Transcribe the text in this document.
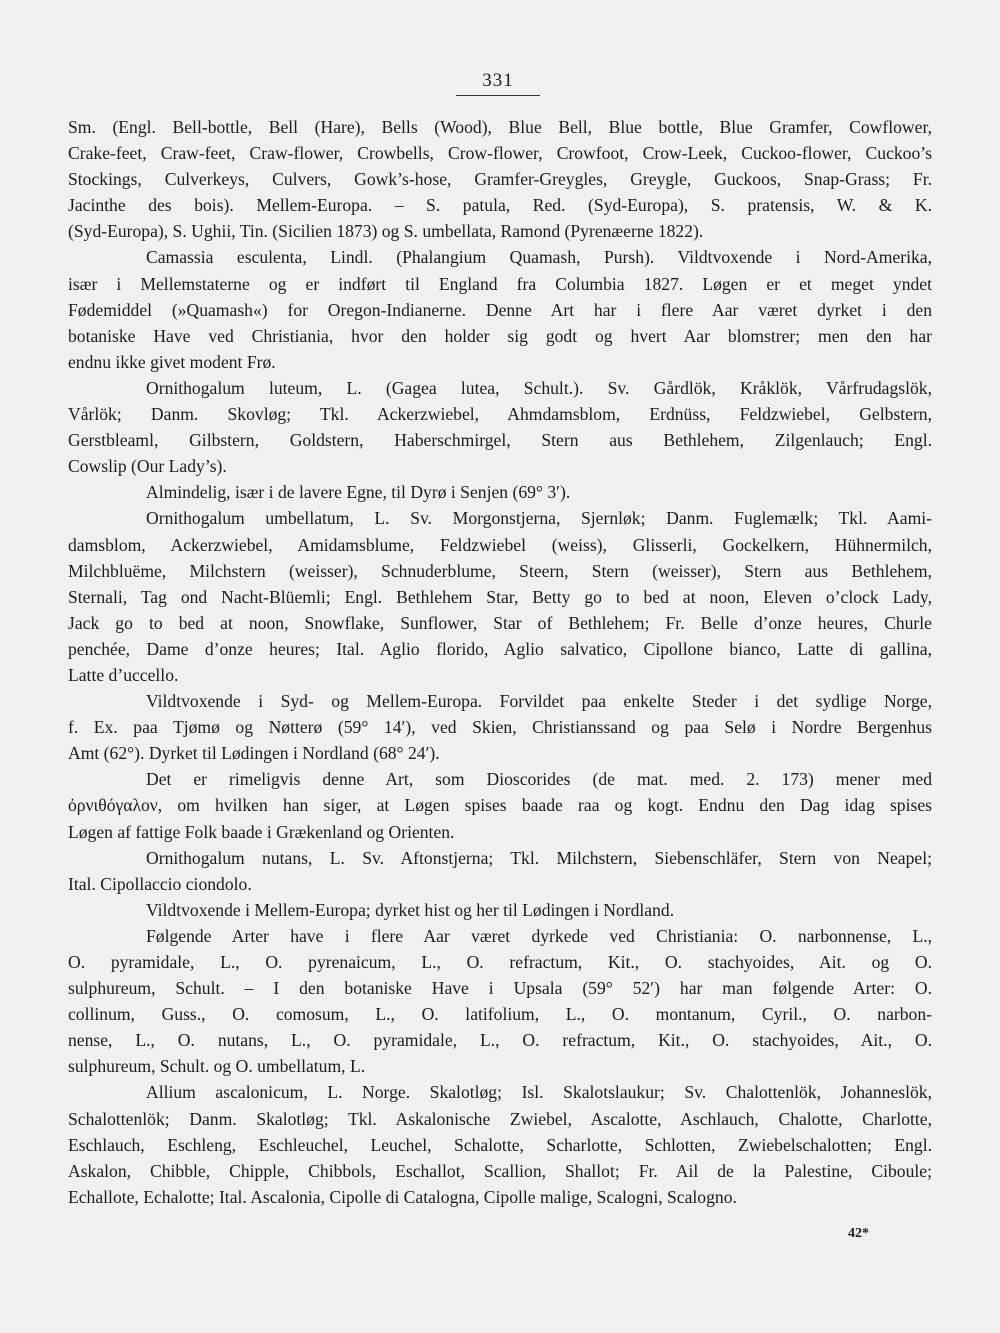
331
Sm. (Engl. Bell-bottle, Bell (Hare), Bells (Wood), Blue Bell, Blue bottle, Blue Gramfer, Cowflower,
Crake-feet, Craw-feet, Craw-flower, Crowbells, Crow-flower, Crowfoot, Crow-Leek, Cuckoo-flower, Cuckoo’s
Stockings, Culverkeys, Culvers, Gowk’s-hose, Gramfer-Greygles, Greygle, Guckoos, Snap-Grass; Fr.
Jacinthe des bois). Mellem-Europa. – S. patula, Red. (Syd-Europa), S. pratensis, W. & K.
(Syd-Europa), S. Ughii, Tin. (Sicilien 1873) og S. umbellata, Ramond (Pyrenæerne 1822).
Camassia esculenta, Lindl. (Phalangium Quamash, Pursh). Vildtvoxende i Nord-Amerika,
især i Mellemstaterne og er indført til England fra Columbia 1827. Løgen er et meget yndet
Fødemiddel (»Quamash«) for Oregon-Indianerne. Denne Art har i flere Aar været dyrket i den
botaniske Have ved Christiania, hvor den holder sig godt og hvert Aar blomstrer; men den har
endnu ikke givet modent Frø.
Ornithogalum luteum, L. (Gagea lutea, Schult.). Sv. Gårdlök, Kråklök, Vårfrudagslök,
Vårlök; Danm. Skovløg; Tkl. Ackerzwiebel, Ahmdamsblom, Erdnüss, Feldzwiebel, Gelbstern,
Gerstbleaml, Gilbstern, Goldstern, Haberschmirgel, Stern aus Bethlehem, Zilgenlauch; Engl.
Cowslip (Our Lady’s).
Almindelig, især i de lavere Egne, til Dyrø i Senjen (69° 3′).
Ornithogalum umbellatum, L. Sv. Morgonstjerna, Sjernløk; Danm. Fuglemælk; Tkl. Aami-
damsblom, Ackerzwiebel, Amidamsblume, Feldzwiebel (weiss), Glisserli, Gockelkern, Hühnermilch,
Milchbluëme, Milchstern (weisser), Schnuderblume, Steern, Stern (weisser), Stern aus Bethlehem,
Sternali, Tag ond Nacht-Blüemli; Engl. Bethlehem Star, Betty go to bed at noon, Eleven o’clock Lady,
Jack go to bed at noon, Snowflake, Sunflower, Star of Bethlehem; Fr. Belle d’onze heures, Churle
penchée, Dame d’onze heures; Ital. Aglio florido, Aglio salvatico, Cipollone bianco, Latte di gallina,
Latte d’uccello.
Vildtvoxende i Syd- og Mellem-Europa. Forvildet paa enkelte Steder i det sydlige Norge,
f. Ex. paa Tjømø og Nøtterø (59° 14′), ved Skien, Christianssand og paa Selø i Nordre Bergenhus
Amt (62°). Dyrket til Lødingen i Nordland (68° 24′).
Det er rimeligvis denne Art, som Dioscorides (de mat. med. 2. 173) mener med
ὀρνιθόγαλον, om hvilken han siger, at Løgen spises baade raa og kogt. Endnu den Dag idag spises
Løgen af fattige Folk baade i Grækenland og Orienten.
Ornithogalum nutans, L. Sv. Aftonstjerna; Tkl. Milchstern, Siebenschläfer, Stern von Neapel;
Ital. Cipollaccio ciondolo.
Vildtvoxende i Mellem-Europa; dyrket hist og her til Lødingen i Nordland.
Følgende Arter have i flere Aar været dyrkede ved Christiania: O. narbonnense, L.,
O. pyramidale, L., O. pyrenaicum, L., O. refractum, Kit., O. stachyoides, Ait. og O.
sulphureum, Schult. – I den botaniske Have i Upsala (59° 52′) har man følgende Arter: O.
collinum, Guss., O. comosum, L., O. latifolium, L., O. montanum, Cyril., O. narbon-
nense, L., O. nutans, L., O. pyramidale, L., O. refractum, Kit., O. stachyoides, Ait., O.
sulphureum, Schult. og O. umbellatum, L.
Allium ascalonicum, L. Norge. Skalotløg; Isl. Skalotslaukur; Sv. Chalottenlök, Johanneslök,
Schalottenlök; Danm. Skalotløg; Tkl. Askalonische Zwiebel, Ascalotte, Aschlauch, Chalotte, Charlotte,
Eschlauch, Eschleng, Eschleuchel, Leuchel, Schalotte, Scharlotte, Schlotten, Zwiebelschalotten; Engl.
Askalon, Chibble, Chipple, Chibbols, Eschallot, Scallion, Shallot; Fr. Ail de la Palestine, Ciboule;
Echallote, Echalotte; Ital. Ascalonia, Cipolle di Catalogna, Cipolle malige, Scalogni, Scalogno.
42*
